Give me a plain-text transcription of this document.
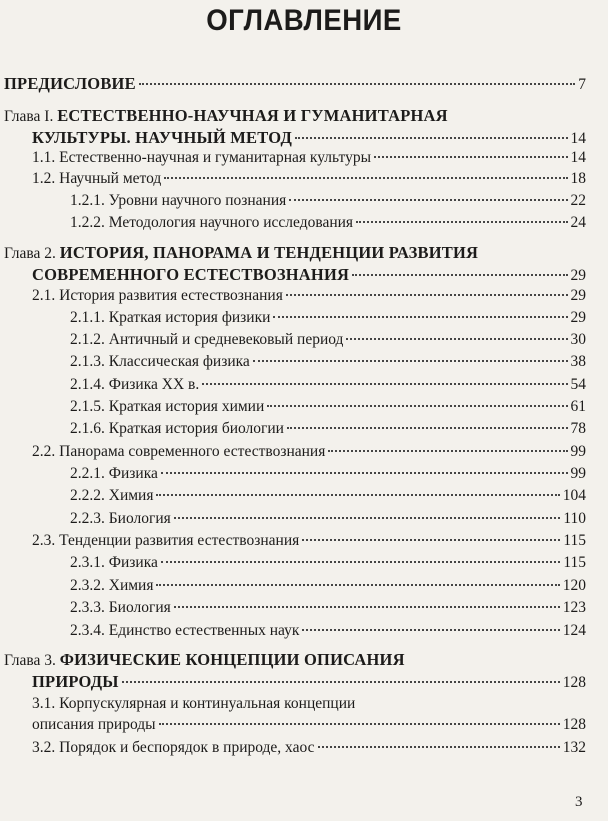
ОГЛАВЛЕНИЕ
ПРЕДИСЛОВИЕ	7
Глава I. ЕСТЕСТВЕННО-НАУЧНАЯ И ГУМАНИТАРНАЯ
КУЛЬТУРЫ. НАУЧНЫЙ МЕТОД	14
1.1. Естественно-научная и гуманитарная культуры	14
1.2. Научный метод	18
1.2.1. Уровни научного познания	22
1.2.2. Методология научного исследования	24
Глава 2. ИСТОРИЯ, ПАНОРАМА И ТЕНДЕНЦИИ РАЗВИТИЯ
СОВРЕМЕННОГО ЕСТЕСТВОЗНАНИЯ	29
2.1. История развития естествознания	29
2.1.1. Краткая история физики	29
2.1.2. Античный и средневековый период	30
2.1.3. Классическая физика	38
2.1.4. Физика XX в.	54
2.1.5. Краткая история химии	61
2.1.6. Краткая история биологии	78
2.2. Панорама современного естествознания	99
2.2.1. Физика	99
2.2.2. Химия	104
2.2.3. Биология	110
2.3. Тенденции развития естествознания	115
2.3.1. Физика	115
2.3.2. Химия	120
2.3.3. Биология	123
2.3.4. Единство естественных наук	124
Глава 3. ФИЗИЧЕСКИЕ КОНЦЕПЦИИ ОПИСАНИЯ
ПРИРОДЫ	128
3.1. Корпускулярная и континуальная концепции
описания природы	128
3.2. Порядок и беспорядок в природе, хаос	132
3
